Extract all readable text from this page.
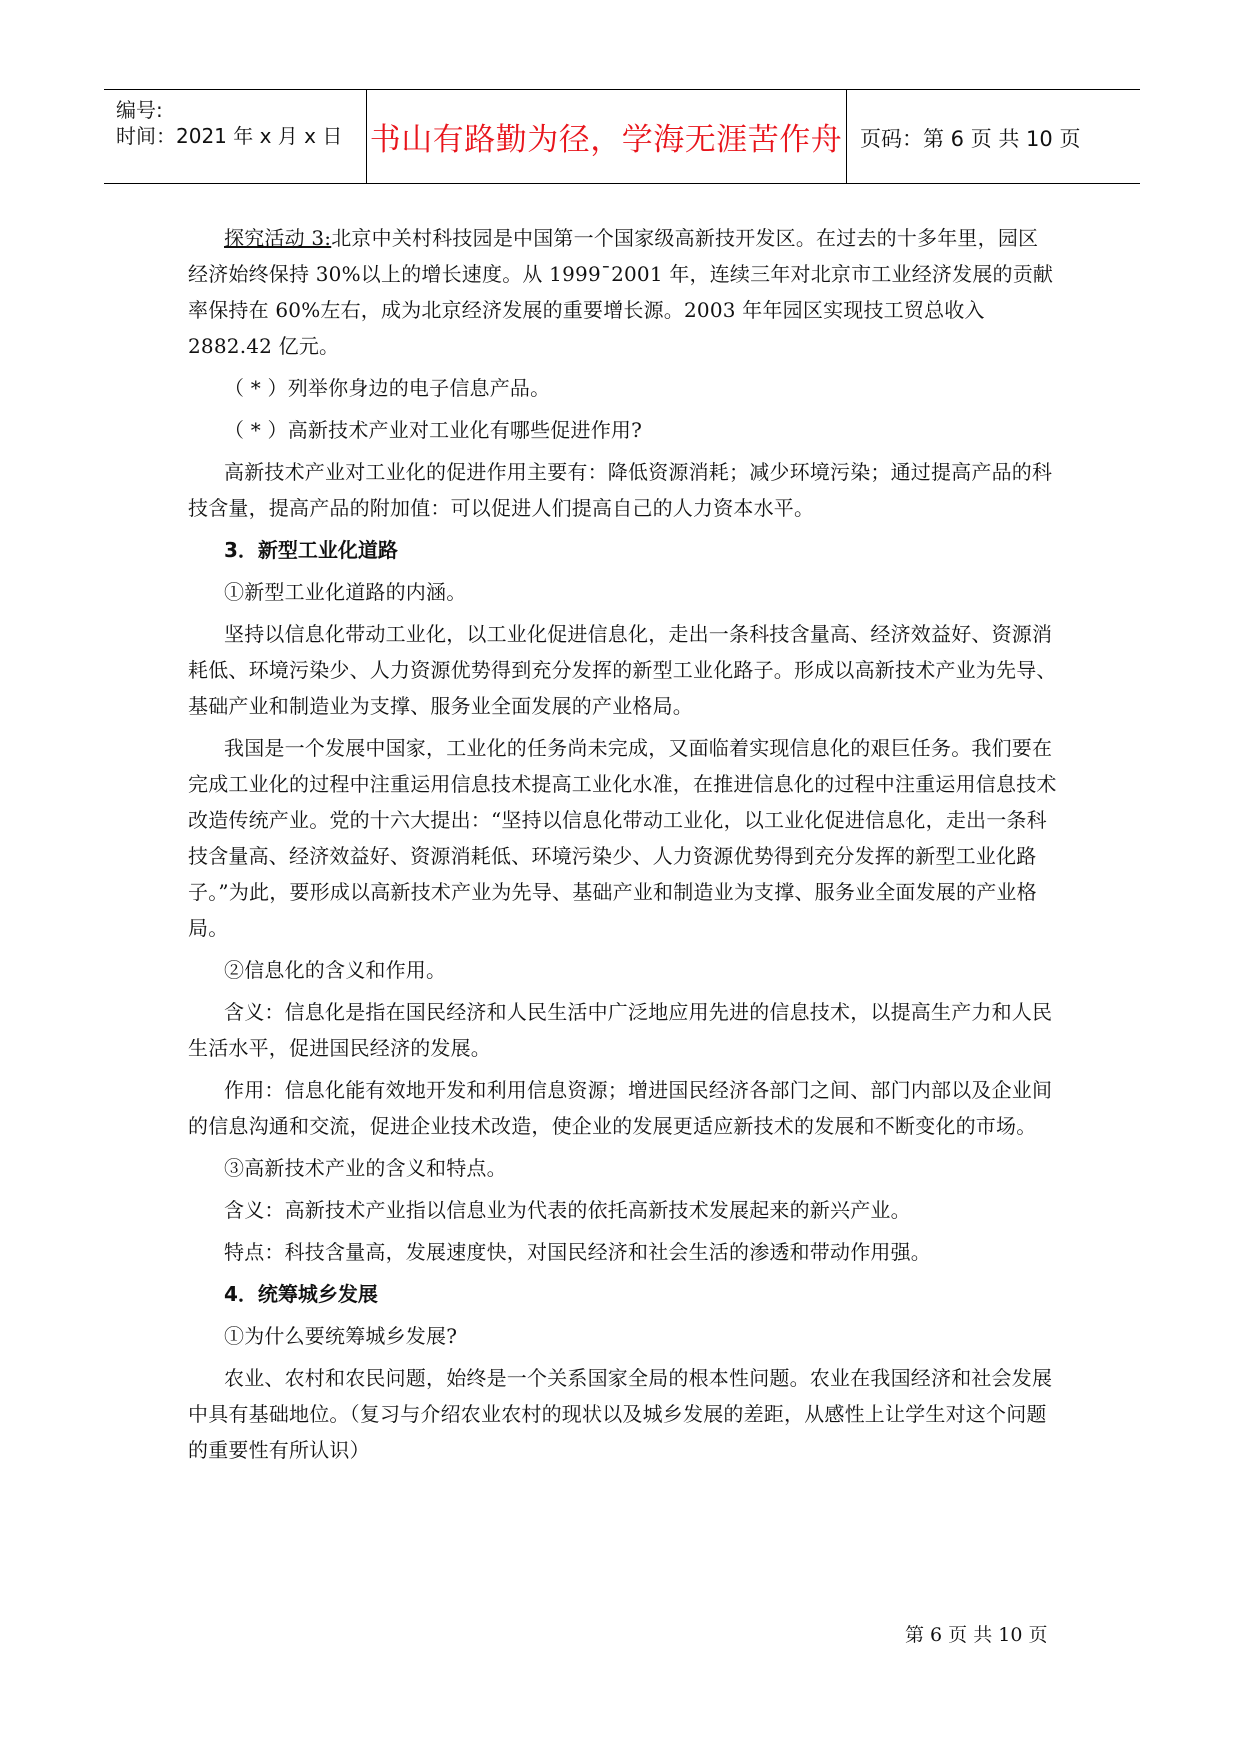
编号:
时间：2021 年 x 月 x 日 书山有路勤为径，学海无涯苦作舟 页码：第 6 页 共 10 页

探究活动 3:北京中关村科技园是中国第一个国家级高新技开发区。在过去的十多年里，园区经济始终保持 30%以上的增长速度。从 1999¯2001 年，连续三年对北京市工业经济发展的贡献率保持在 60%左右，成为北京经济发展的重要增长源。2003 年年园区实现技工贸总收入 2882.42 亿元。

（ * ）列举你身边的电子信息产品。

（ * ）高新技术产业对工业化有哪些促进作用?

高新技术产业对工业化的促进作用主要有：降低资源消耗；减少环境污染；通过提高产品的科技含量，提高产品的附加值：可以促进人们提高自己的人力资本水平。

3．新型工业化道路

①新型工业化道路的内涵。

坚持以信息化带动工业化，以工业化促进信息化，走出一条科技含量高、经济效益好、资源消耗低、环境污染少、人力资源优势得到充分发挥的新型工业化路子。形成以高新技术产业为先导、基础产业和制造业为支撑、服务业全面发展的产业格局。

我国是一个发展中国家，工业化的任务尚未完成，又面临着实现信息化的艰巨任务。我们要在完成工业化的过程中注重运用信息技术提高工业化水准，在推进信息化的过程中注重运用信息技术改造传统产业。党的十六大提出：“坚持以信息化带动工业化，以工业化促进信息化，走出一条科技含量高、经济效益好、资源消耗低、环境污染少、人力资源优势得到充分发挥的新型工业化路子。”为此，要形成以高新技术产业为先导、基础产业和制造业为支撑、服务业全面发展的产业格局。

②信息化的含义和作用。

含义：信息化是指在国民经济和人民生活中广泛地应用先进的信息技术，以提高生产力和人民生活水平，促进国民经济的发展。

作用：信息化能有效地开发和利用信息资源；增进国民经济各部门之间、部门内部以及企业间的信息沟通和交流，促进企业技术改造，使企业的发展更适应新技术的发展和不断变化的市场。

③高新技术产业的含义和特点。

含义：高新技术产业指以信息业为代表的依托高新技术发展起来的新兴产业。

特点：科技含量高，发展速度快，对国民经济和社会生活的渗透和带动作用强。

4．统筹城乡发展

①为什么要统筹城乡发展?

农业、农村和农民问题，始终是一个关系国家全局的根本性问题。农业在我国经济和社会发展中具有基础地位。（复习与介绍农业农村的现状以及城乡发展的差距，从感性上让学生对这个问题的重要性有所认识）

第 6 页 共 10 页
